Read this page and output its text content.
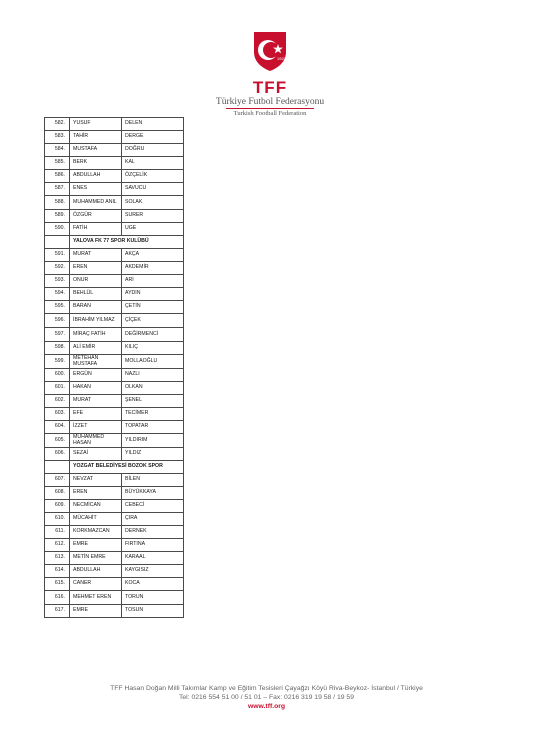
1923
TFF
Türkiye Futbol Federasyonu
Turkish Football Federation
582.	YUSUF	DELEN
583.	TAHİR	DERGE
584.	MUSTAFA	DOĞRU
585.	BERK	KAL
586.	ABDULLAH	ÖZÇELİK
587.	ENES	SAVUCU
588.	MUHAMMED ANIL	SOLAK
589.	ÖZGÜR	SURER
590.	FATİH	UGE
	YALOVA FK 77 SPOR KULÜBÜ	
591.	MURAT	AKÇA
592.	EREN	AKDEMİR
593.	ONUR	ARI
594.	BEHLÜL	AYDIN
595.	BARAN	ÇETİN
596.	İBRAHİM YILMAZ	ÇİÇEK
597.	MİRAÇ FATİH	DEĞİRMENCİ
598.	ALİ EMİR	KILIÇ
599.	METEHAN MUSTAFA	MOLLAOĞLU
600.	ERGÜN	NAZLI
601.	HAKAN	OLKAN
602.	MURAT	ŞENEL
603.	EFE	TECİMER
604.	İZZET	TOPATAR
605.	MUHAMMED HASAN	YILDIRIM
606.	SEZAİ	YILDIZ
	YOZGAT BELEDİYESİ BOZOK SPOR	
607.	NEVZAT	BİLEN
608.	EREN	BÜYÜKKAYA
609.	NECMİCAN	CEBECİ
610.	MÜCAHİT	ÇIRA
611.	KORKMAZCAN	DERNEK
612.	EMRE	FIRTINA
613.	METİN EMRE	KARAAL
614.	ABDULLAH	KAYGISIZ
615.	CANER	KOCA
616.	MEHMET EREN	TORUN
617.	EMRE	TOSUN
TFF Hasan Doğan Milli Takımlar Kamp ve Eğitim Tesisleri Çayağzı Köyü Riva-Beykoz- İstanbul / Türkiye
Tel: 0216 554 51 00 / 51 01 – Fax: 0216 319 19 58 / 19 59
www.tff.org
